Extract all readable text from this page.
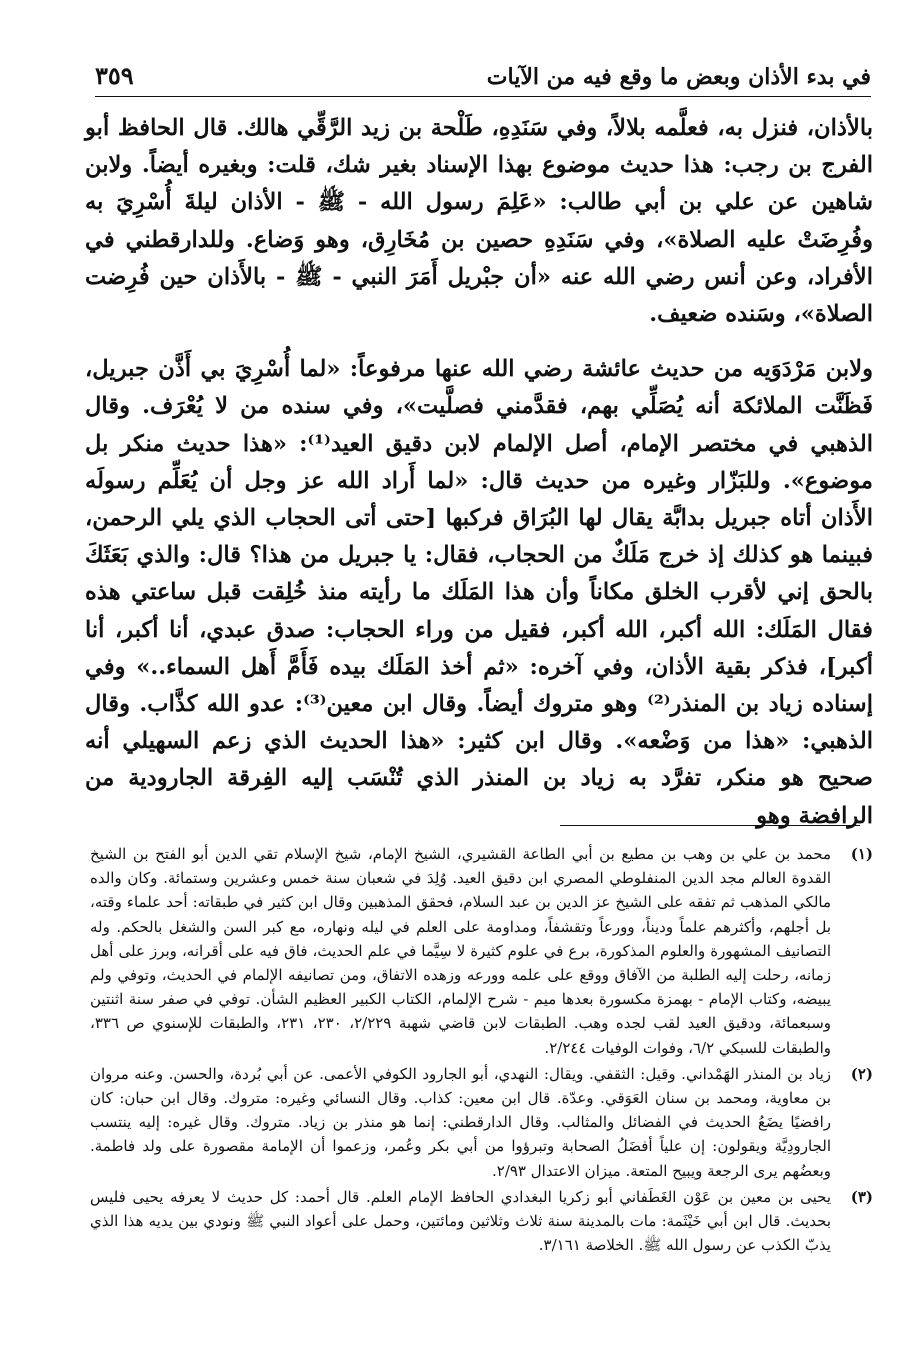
في بدء الأذان وبعض ما وقع فيه من الآيات
٣٥٩

بالأذان، فنزل به، فعلَّمه بلالاً، وفي سَنَدِهِ، طَلْحة بن زيد الرَّقِّي هالك. قال الحافظ أبو الفرج بن رجب: هذا حديث موضوع بهذا الإسناد بغير شك، قلت: وبغيره أيضاً. ولابن شاهين عن علي بن أبي طالب: «عَلِمَ رسول الله - ﷺ - الأذان ليلةَ أُسْرِيَ به وفُرِضَتْ عليه الصلاة»، وفي سَنَدِهِ حصين بن مُخَارِق، وهو وَضاع. وللدارقطني في الأفراد، وعن أنس رضي الله عنه «أن جبْريل أَمَرَ النبي - ﷺ - بالأَذان حين فُرِضت الصلاة»، وسَنده ضعيف.

ولابن مَرْدَوَيه من حديث عائشة رضي الله عنها مرفوعاً: «لما أُسْرِيَ بي أَذَّن جبريل، فَظَنَّت الملائكة أنه يُصَلِّي بهم، فقدَّمني فصلَّيت»، وفي سنده من لا يُعْرَف. وقال الذهبي في مختصر الإمام، أصل الإلمام لابن دقيق العيد⁽¹⁾: «هذا حديث منكر بل موضوع». وللبَزّار وغيره من حديث قال: «لما أَراد الله عز وجل أن يُعَلِّم رسولَه الأَذان أتاه جبريل بدابَّة يقال لها البُرَاق فركبها [حتى أتى الحجاب الذي يلي الرحمن، فبينما هو كذلك إذ خرج مَلَكٌ من الحجاب، فقال: يا جبريل من هذا؟ قال: والذي بَعَثَكَ بالحق إني لأقرب الخلق مكاناً وأن هذا المَلَك ما رأيته منذ خُلِقت قبل ساعتي هذه فقال المَلَك: الله أكبر، الله أكبر، فقيل من وراء الحجاب: صدق عبدي، أنا أكبر، أنا أكبر]، فذكر بقية الأذان، وفي آخره: «ثم أخذ المَلَك بيده فَأَمَّ أَهل السماء..» وفي إسناده زياد بن المنذر⁽²⁾ وهو متروك أيضاً. وقال ابن معين⁽³⁾: عدو الله كذَّاب. وقال الذهبي: «هذا من وَضْعه». وقال ابن كثير: «هذا الحديث الذي زعم السهيلي أنه صحيح هو منكر، تفرَّد به زياد بن المنذر الذي تُنْسَب إليه الفِرقة الجارودية من الرافضة وهو

(١)

محمد بن علي بن وهب بن مطيع بن أبي الطاعة القشيري، الشيخ الإمام، شيخ الإسلام تقي الدين أبو الفتح بن الشيخ القدوة العالم مجد الدين المنفلوطي المصري ابن دقيق العيد. وُلِدَ في شعبان سنة خمس وعشرين وستمائة. وكان والده مالكي المذهب ثم تفقه على الشيخ عز الدين بن عبد السلام، فحقق المذهبين وقال ابن كثير في طبقاته: أحد علماء وقته، بل أجلهم، وأكثرهم علماً وديناً، وورعاً وتقشفاً، ومداومة على العلم في ليله ونهاره، مع كبر السن والشغل بالحكم. وله التصانيف المشهورة والعلوم المذكورة، برع في علوم كثيرة لا سِيَّما في علم الحديث، فاق فيه على أقرانه، وبرز على أهل زمانه، رحلت إليه الطلبة من الآفاق ووقع على علمه وورعه وزهده الاتفاق، ومن تصانيفه الإلمام في الحديث، وتوفي ولم يبيضه، وكتاب الإمام - بهمزة مكسورة بعدها ميم - شرح الإلمام، الكتاب الكبير العظيم الشأن. توفي في صفر سنة اثنتين وسبعمائة، ودقيق العيد لقب لجده وهب. الطبقات لابن قاضي شهبة ٢/٢٢٩، ٢٣٠، ٢٣١، والطبقات للإسنوي ص ٣٣٦، والطبقات للسبكي ٦/٢، وفوات الوفيات ٢/٢٤٤.

(٢)

زياد بن المنذر الهَمْداني. وقيل: الثقفي. ويقال: النهدي، أبو الجارود الكوفي الأعمى. عن أبي بُردة، والحسن. وعنه مروان بن معاوية، ومحمد بن سنان العَوَقي. وعدّة. قال ابن معين: كذاب. وقال النسائي وغيره: متروك. وقال ابن حبان: كان رافضيًا يضَعُ الحديث في الفضائل والمثالب. وقال الدارقطني: إنما هو منذر بن زياد. متروك. وقال غيره: إليه ينتسب الجارودِيَّة ويقولون: إن علياً أفضَلُ الصحابة وتبرؤوا من أبي بكر وعُمر، وزعموا أن الإمامة مقصورة على ولد فاطمة. وبعضُهم يرى الرجعة ويبيح المتعة. ميزان الاعتدال ٢/٩٣.

(٣)

يحيى بن معين بن عَوْن الغَطَفاني أبو زكريا البغدادي الحافظ الإمام العلم. قال أحمد: كل حديث لا يعرفه يحيى فليس بحديث. قال ابن أبي خَيْثَمة: مات بالمدينة سنة ثلاث وثلاثين ومائتين، وحمل على أعواد النبي ﷺ ونودي بين يديه هذا الذي يذبّ الكذب عن رسول الله ﷺ. الخلاصة ٣/١٦١.
